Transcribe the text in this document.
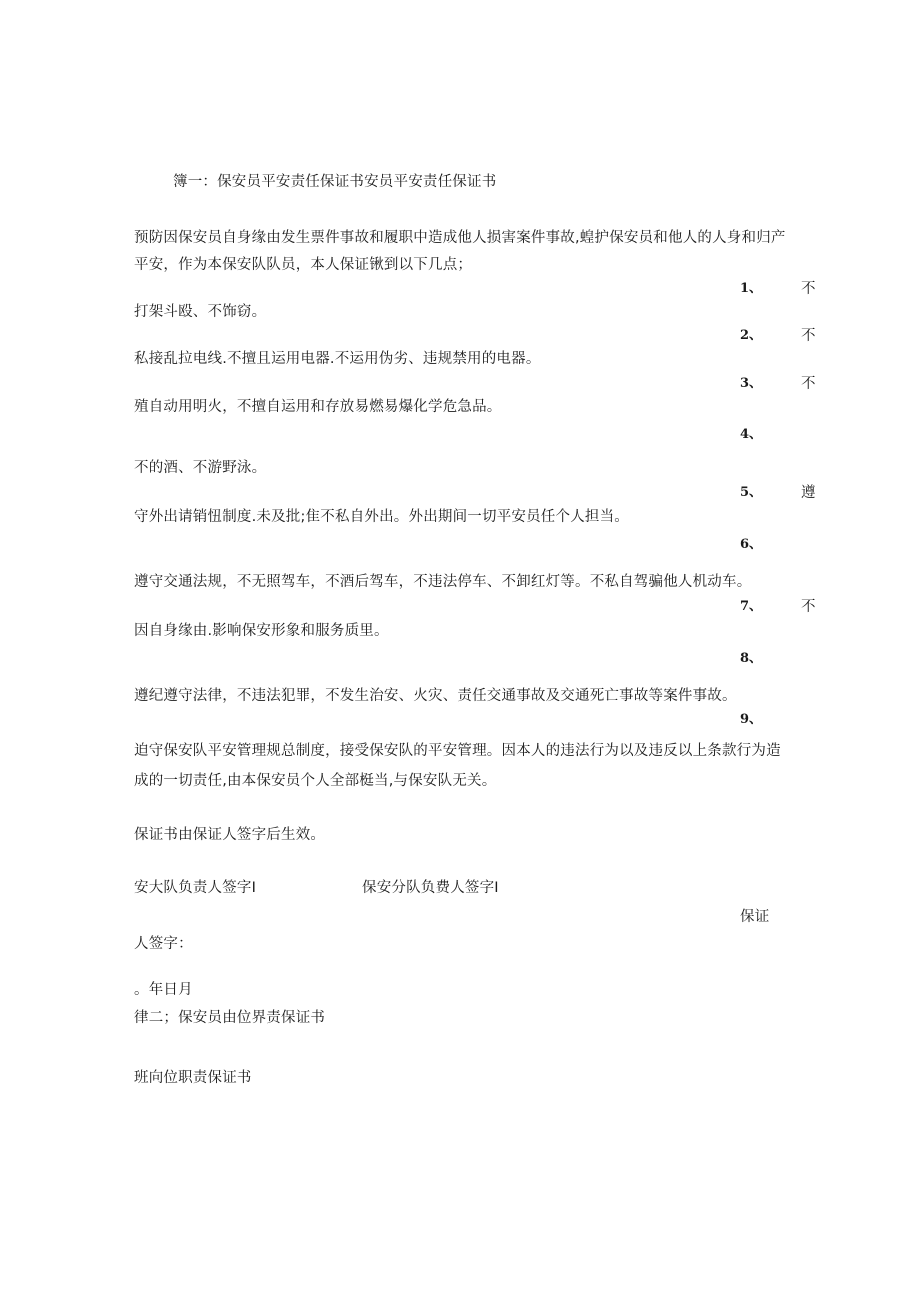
簿一：保安员平安责任保证书安员平安责任保证书
预防因保安员自身缘由发生票件事故和履职中造成他人损害案件事故,蝗护保安员和他人的人身和归产
平安，作为本保安队队员，本人保证锹到以下几点；
1、	不
打架斗殴、不饰窃。
2、	不
私接乱拉电线.不擅且运用电器.不运用伪劣、违规禁用的电器。
3、	不
殖自动用明火，不擅自运用和存放易燃易爆化学危急品。
4、
不的酒、不游野泳。
5、	遵
守外出请销忸制度.未及批;隹不私自外出。外出期间一切平安员任个人担当。
6、
遵守交通法规，不无照驾车，不酒后驾车，不违法停车、不卸红灯等。不私自驾骗他人机动车。
7、	不
因自身缘由.影响保安形象和服务质里。
8、
遵纪遵守法律，不违法犯罪，不发生治安、火灾、责任交通事故及交通死亡事故等案件事故。
9、
迫守保安队平安管理规总制度，接受保安队的平安管理。因本人的违法行为以及违反以上条款行为造
成的一切责任,由本保安员个人全部梃当,与保安队无关。
保证书由保证人签字后生效。
安大队负责人签字I	保安分队负费人签字I
保证
人签字：
。年日月
律二；保安员由位界责保证书
班向位职责保证书
